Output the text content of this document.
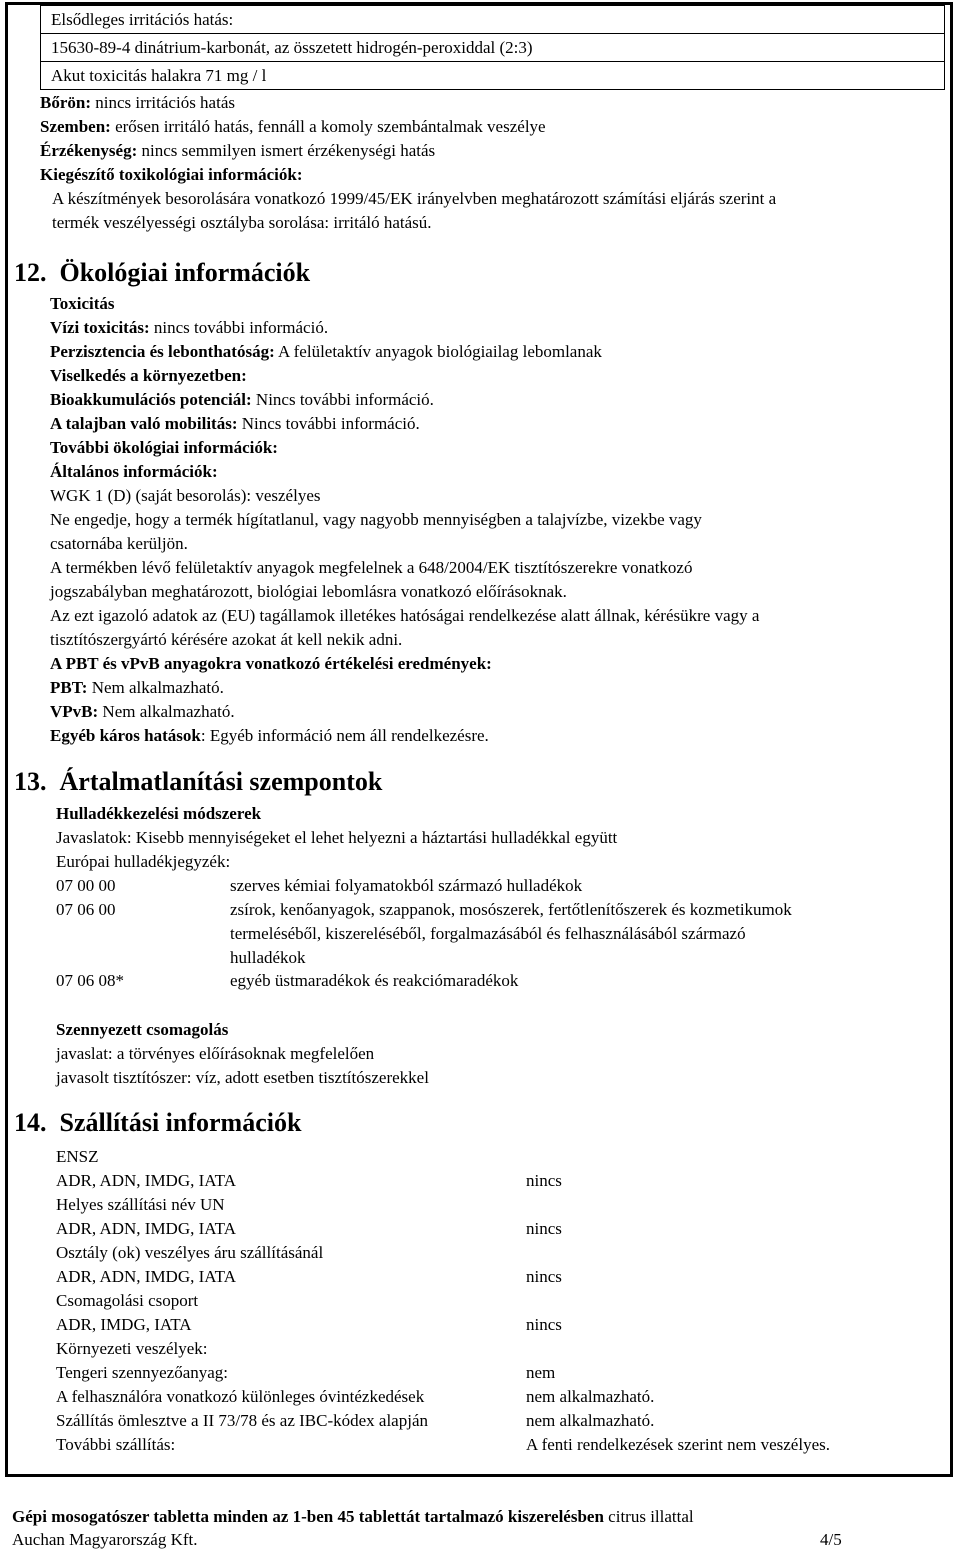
Elsődleges irritációs hatás:
15630-89-4 dinátrium-karbonát, az összetett hidrogén-peroxiddal (2:3)
Akut toxicitás halakra 71 mg / l
Bőrön: nincs irritációs hatás
Szemben: erősen irritáló hatás, fennáll a komoly szembántalmak veszélye
Érzékenység: nincs semmilyen ismert érzékenységi hatás
Kiegészítő toxikológiai információk:
A készítmények besorolására vonatkozó 1999/45/EK irányelvben meghatározott számítási eljárás szerint a
termék veszélyességi osztályba sorolása: irritáló hatású.
12. Ökológiai információk
Toxicitás
Vízi toxicitás: nincs további információ.
Perzisztencia és lebonthatóság: A felületaktív anyagok biológiailag lebomlanak
Viselkedés a környezetben:
Bioakkumulációs potenciál: Nincs további információ.
A talajban való mobilitás: Nincs további információ.
További ökológiai információk:
Általános információk:
WGK 1 (D) (saját besorolás): veszélyes
Ne engedje, hogy a termék hígítatlanul, vagy nagyobb mennyiségben a talajvízbe, vizekbe vagy
csatornába kerüljön.
A termékben lévő felületaktív anyagok megfelelnek a 648/2004/EK tisztítószerekre vonatkozó
jogszabályban meghatározott, biológiai lebomlásra vonatkozó előírásoknak.
Az ezt igazoló adatok az (EU) tagállamok illetékes hatóságai rendelkezése alatt állnak, kérésükre vagy a
tisztítószergyártó kérésére azokat át kell nekik adni.
A PBT és vPvB anyagokra vonatkozó értékelési eredmények:
PBT: Nem alkalmazható.
VPvB: Nem alkalmazható.
Egyéb káros hatások: Egyéb információ nem áll rendelkezésre.
13. Ártalmatlanítási szempontok
Hulladékkezelési módszerek
Javaslatok: Kisebb mennyiségeket el lehet helyezni a háztartási hulladékkal együtt
Európai hulladékjegyzék:
07 00 00	szerves kémiai folyamatokból származó hulladékok
07 06 00	zsírok, kenőanyagok, szappanok, mosószerek, fertőtlenítőszerek és kozmetikumok
termeléséből, kiszereléséből, forgalmazásából és felhasználásából származó
hulladékok
07 06 08*	egyéb üstmaradékok és reakciómaradékok
Szennyezett csomagolás
javaslat: a törvényes előírásoknak megfelelően
javasolt tisztítószer: víz, adott esetben tisztítószerekkel
14. Szállítási információk
ENSZ
ADR, ADN, IMDG, IATA	nincs
Helyes szállítási név UN
ADR, ADN, IMDG, IATA	nincs
Osztály (ok) veszélyes áru szállításánál
ADR, ADN, IMDG, IATA	nincs
Csomagolási csoport
ADR, IMDG, IATA	nincs
Környezeti veszélyek:
Tengeri szennyezőanyag:	nem
A felhasználóra vonatkozó különleges óvintézkedések	nem alkalmazható.
Szállítás ömlesztve a II 73/78 és az IBC-kódex alapján	nem alkalmazható.
További szállítás:	A fenti rendelkezések szerint nem veszélyes.
Gépi mosogatószer tabletta minden az 1-ben 45 tablettát tartalmazó kiszerelésben citrus illattal
Auchan Magyarország Kft.	4/5
